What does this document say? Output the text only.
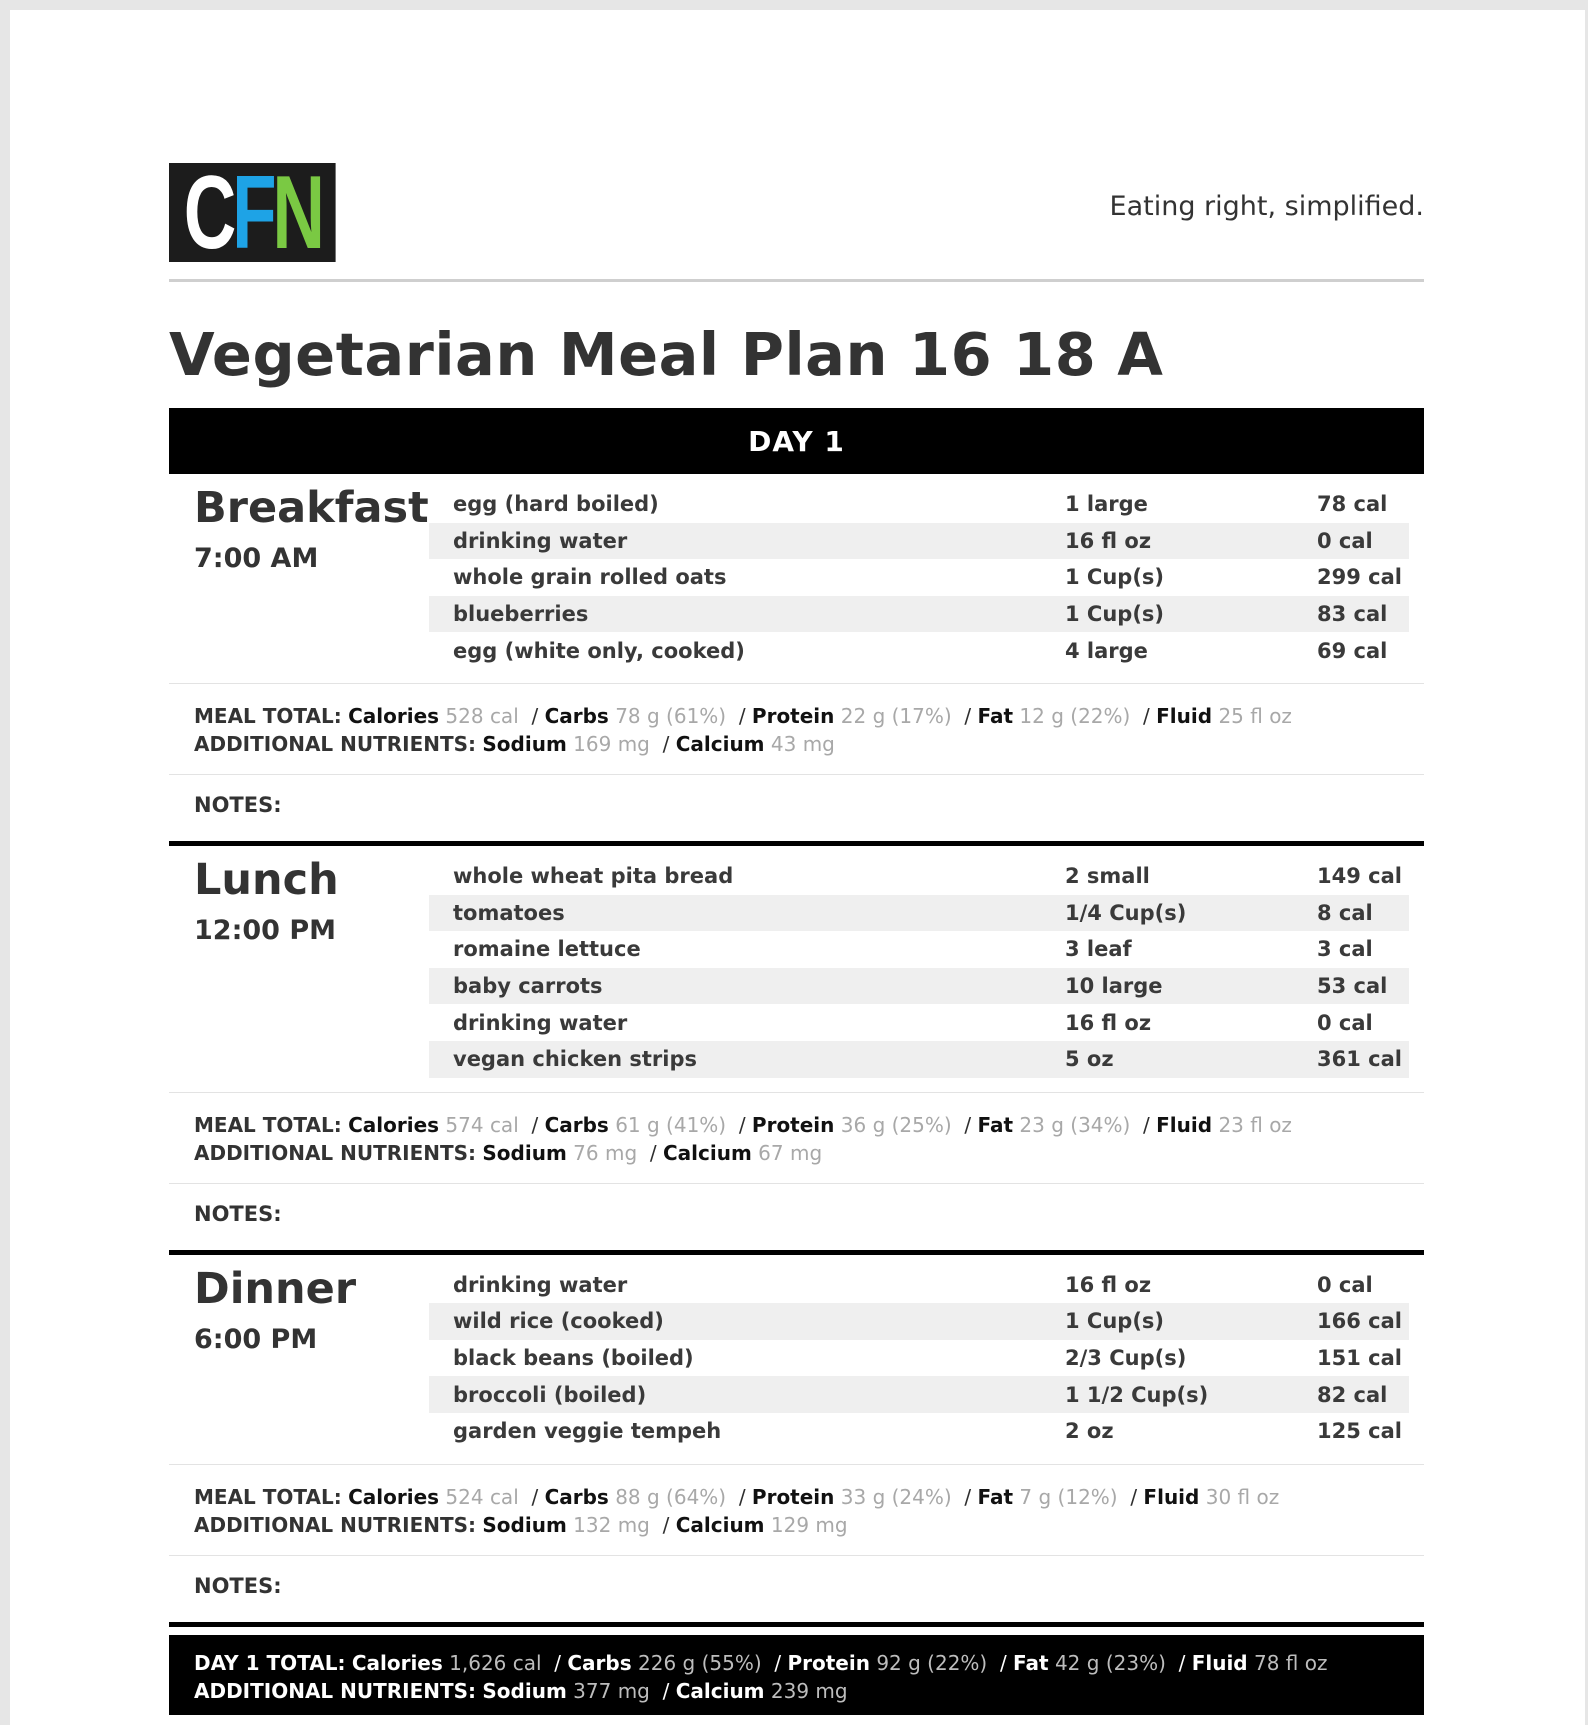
C F N	Eating right, simplified.
Vegetarian Meal Plan 16 18 A
DAY 1
Breakfast
7:00 AM
egg (hard boiled)	1 large	78 cal
drinking water	16 fl oz	0 cal
whole grain rolled oats	1 Cup(s)	299 cal
blueberries	1 Cup(s)	83 cal
egg (white only, cooked)	4 large	69 cal
MEAL TOTAL: Calories 528 cal  / Carbs 78 g (61%)  / Protein 22 g (17%)  / Fat 12 g (22%)  / Fluid 25 fl oz
ADDITIONAL NUTRIENTS: Sodium 169 mg  / Calcium 43 mg
NOTES:
Lunch
12:00 PM
whole wheat pita bread	2 small	149 cal
tomatoes	1/4 Cup(s)	8 cal
romaine lettuce	3 leaf	3 cal
baby carrots	10 large	53 cal
drinking water	16 fl oz	0 cal
vegan chicken strips	5 oz	361 cal
MEAL TOTAL: Calories 574 cal  / Carbs 61 g (41%)  / Protein 36 g (25%)  / Fat 23 g (34%)  / Fluid 23 fl oz
ADDITIONAL NUTRIENTS: Sodium 76 mg  / Calcium 67 mg
NOTES:
Dinner
6:00 PM
drinking water	16 fl oz	0 cal
wild rice (cooked)	1 Cup(s)	166 cal
black beans (boiled)	2/3 Cup(s)	151 cal
broccoli (boiled)	1 1/2 Cup(s)	82 cal
garden veggie tempeh	2 oz	125 cal
MEAL TOTAL: Calories 524 cal  / Carbs 88 g (64%)  / Protein 33 g (24%)  / Fat 7 g (12%)  / Fluid 30 fl oz
ADDITIONAL NUTRIENTS: Sodium 132 mg  / Calcium 129 mg
NOTES:
DAY 1 TOTAL: Calories 1,626 cal  / Carbs 226 g (55%)  / Protein 92 g (22%)  / Fat 42 g (23%)  / Fluid 78 fl oz
ADDITIONAL NUTRIENTS: Sodium 377 mg  / Calcium 239 mg
